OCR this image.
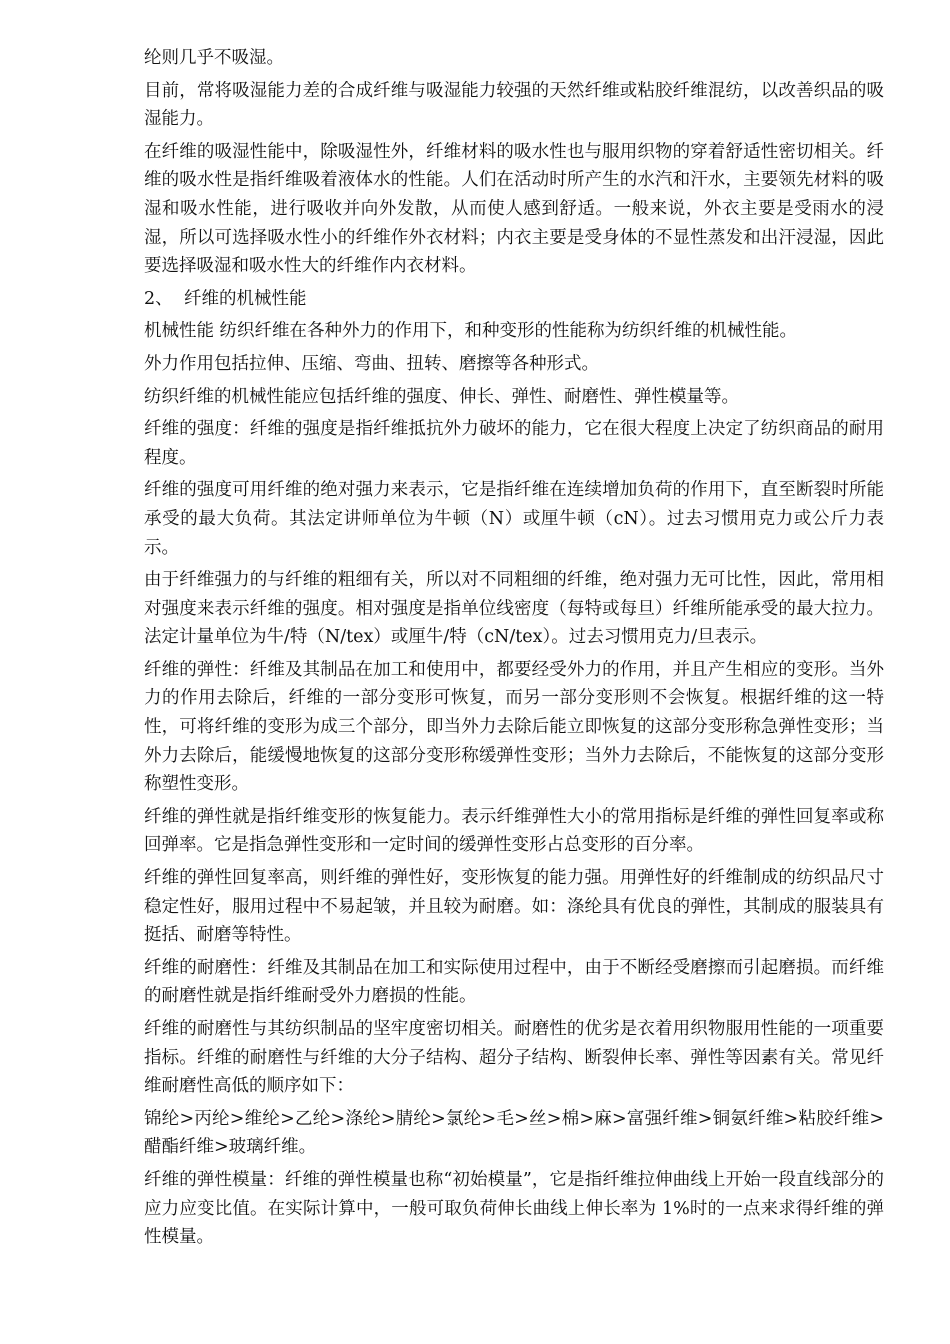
纶则几乎不吸湿。

目前，常将吸湿能力差的合成纤维与吸湿能力较强的天然纤维或粘胶纤维混纺，以改善织品的吸湿能力。

在纤维的吸湿性能中，除吸湿性外，纤维材料的吸水性也与服用织物的穿着舒适性密切相关。纤维的吸水性是指纤维吸着液体水的性能。人们在活动时所产生的水汽和汗水，主要领先材料的吸湿和吸水性能，进行吸收并向外发散，从而使人感到舒适。一般来说，外衣主要是受雨水的浸湿，所以可选择吸水性小的纤维作外衣材料；内衣主要是受身体的不显性蒸发和出汗浸湿，因此要选择吸湿和吸水性大的纤维作内衣材料。

2、 纤维的机械性能

机械性能 纺织纤维在各种外力的作用下，和种变形的性能称为纺织纤维的机械性能。

外力作用包括拉伸、压缩、弯曲、扭转、磨擦等各种形式。

纺织纤维的机械性能应包括纤维的强度、伸长、弹性、耐磨性、弹性模量等。

纤维的强度：纤维的强度是指纤维抵抗外力破坏的能力，它在很大程度上决定了纺织商品的耐用程度。

纤维的强度可用纤维的绝对强力来表示，它是指纤维在连续增加负荷的作用下，直至断裂时所能承受的最大负荷。其法定讲师单位为牛顿（N）或厘牛顿（cN）。过去习惯用克力或公斤力表示。

由于纤维强力的与纤维的粗细有关，所以对不同粗细的纤维，绝对强力无可比性，因此，常用相对强度来表示纤维的强度。相对强度是指单位线密度（每特或每旦）纤维所能承受的最大拉力。法定计量单位为牛/特（N/tex）或厘牛/特（cN/tex）。过去习惯用克力/旦表示。

纤维的弹性：纤维及其制品在加工和使用中，都要经受外力的作用，并且产生相应的变形。当外力的作用去除后，纤维的一部分变形可恢复，而另一部分变形则不会恢复。根据纤维的这一特性，可将纤维的变形为成三个部分，即当外力去除后能立即恢复的这部分变形称急弹性变形；当外力去除后，能缓慢地恢复的这部分变形称缓弹性变形；当外力去除后，不能恢复的这部分变形称塑性变形。

纤维的弹性就是指纤维变形的恢复能力。表示纤维弹性大小的常用指标是纤维的弹性回复率或称回弹率。它是指急弹性变形和一定时间的缓弹性变形占总变形的百分率。

纤维的弹性回复率高，则纤维的弹性好，变形恢复的能力强。用弹性好的纤维制成的纺织品尺寸稳定性好，服用过程中不易起皱，并且较为耐磨。如：涤纶具有优良的弹性，其制成的服装具有挺括、耐磨等特性。

纤维的耐磨性：纤维及其制品在加工和实际使用过程中，由于不断经受磨擦而引起磨损。而纤维的耐磨性就是指纤维耐受外力磨损的性能。

纤维的耐磨性与其纺织制品的坚牢度密切相关。耐磨性的优劣是衣着用织物服用性能的一项重要指标。纤维的耐磨性与纤维的大分子结构、超分子结构、断裂伸长率、弹性等因素有关。常见纤维耐磨性高低的顺序如下：

锦纶>丙纶>维纶>乙纶>涤纶>腈纶>氯纶>毛>丝>棉>麻>富强纤维>铜氨纤维>粘胶纤维>醋酯纤维>玻璃纤维。

纤维的弹性模量：纤维的弹性模量也称“初始模量”，它是指纤维拉伸曲线上开始一段直线部分的应力应变比值。在实际计算中，一般可取负荷伸长曲线上伸长率为 1%时的一点来求得纤维的弹性模量。
